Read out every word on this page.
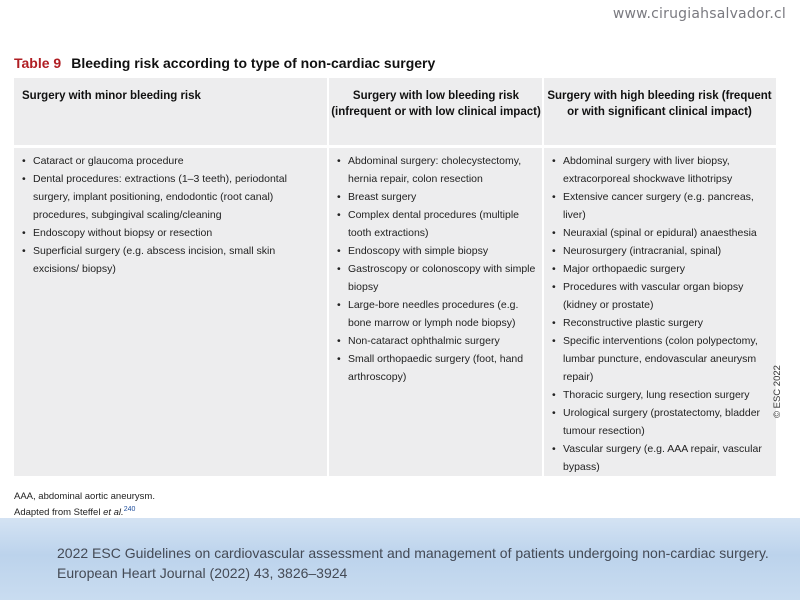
www.cirugiahsalvador.cl
Table 9 Bleeding risk according to type of non-cardiac surgery
Surgery with minor bleeding risk	Surgery with low bleeding risk (infrequent or with low clinical impact)
Surgery with high bleeding risk (frequent or with significant clinical impact)
• Cataract or glaucoma procedure
• Dental procedures: extractions (1–3 teeth), periodontal surgery, implant positioning, endodontic (root canal) procedures, subgingival scaling/cleaning
• Endoscopy without biopsy or resection
• Superficial surgery (e.g. abscess incision, small skin excisions/ biopsy)
• Abdominal surgery: cholecystectomy, hernia repair, colon resection
• Breast surgery
• Complex dental procedures (multiple tooth extractions)
• Endoscopy with simple biopsy
• Gastroscopy or colonoscopy with simple biopsy
• Large-bore needles procedures (e.g. bone marrow or lymph node biopsy)
• Non-cataract ophthalmic surgery
• Small orthopaedic surgery (foot, hand arthroscopy)
• Abdominal surgery with liver biopsy, extracorporeal shockwave lithotripsy
• Extensive cancer surgery (e.g. pancreas, liver)
• Neuraxial (spinal or epidural) anaesthesia
• Neurosurgery (intracranial, spinal)
• Major orthopaedic surgery
• Procedures with vascular organ biopsy (kidney or prostate)
• Reconstructive plastic surgery
• Specific interventions (colon polypectomy, lumbar puncture, endovascular aneurysm repair)
• Thoracic surgery, lung resection surgery
• Urological surgery (prostatectomy, bladder tumour resection)
• Vascular surgery (e.g. AAA repair, vascular bypass)
© ESC 2022
AAA, abdominal aortic aneurysm.
Adapted from Steffel et al.$^{240}$
2022 ESC Guidelines on cardiovascular assessment and management of patients undergoing non-cardiac surgery. European Heart Journal (2022) 43, 3826–3924
